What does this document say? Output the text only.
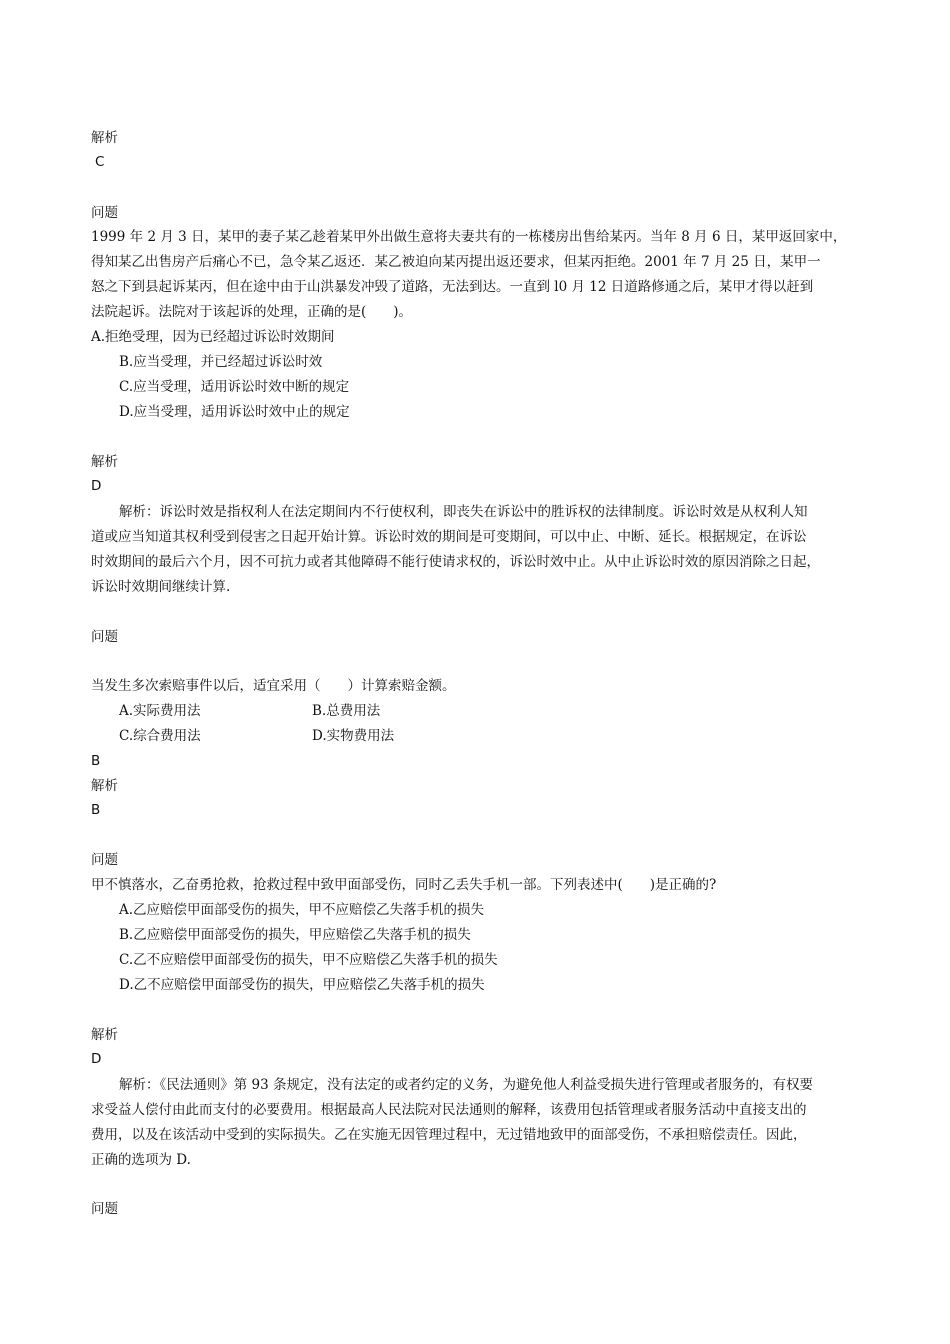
解析
C
问题
1999 年 2 月 3 日，某甲的妻子某乙趁着某甲外出做生意将夫妻共有的一栋楼房出售给某丙。当年 8 月 6 日，某甲返回家中，
得知某乙出售房产后痛心不已，急令某乙返还．某乙被迫向某丙提出返还要求，但某丙拒绝。2001 年 7 月 25 日，某甲一
怒之下到县起诉某丙，但在途中由于山洪暴发冲毁了道路，无法到达。一直到 l0 月 12 日道路修通之后，某甲才得以赶到
法院起诉。法院对于该起诉的处理，正确的是(　　)。
A.拒绝受理，因为已经超过诉讼时效期间
B.应当受理，并已经超过诉讼时效
C.应当受理，适用诉讼时效中断的规定
D.应当受理，适用诉讼时效中止的规定
解析
D
解析：诉讼时效是指权利人在法定期间内不行使权利，即丧失在诉讼中的胜诉权的法律制度。诉讼时效是从权利人知
道或应当知道其权利受到侵害之日起开始计算。诉讼时效的期间是可变期间，可以中止、中断、延长。根据规定，在诉讼
时效期间的最后六个月，因不可抗力或者其他障碍不能行使请求权的，诉讼时效中止。从中止诉讼时效的原因消除之日起，
诉讼时效期间继续计算.
问题
当发生多次索赔事件以后，适宜采用（　　）计算索赔金额。
A.实际费用法	B.总费用法
C.综合费用法	D.实物费用法
B
解析
B
问题
甲不慎落水，乙奋勇抢救，抢救过程中致甲面部受伤，同时乙丢失手机一部。下列表述中(　　)是正确的?
A.乙应赔偿甲面部受伤的损失，甲不应赔偿乙失落手机的损失
B.乙应赔偿甲面部受伤的损失，甲应赔偿乙失落手机的损失
C.乙不应赔偿甲面部受伤的损失，甲不应赔偿乙失落手机的损失
D.乙不应赔偿甲面部受伤的损失，甲应赔偿乙失落手机的损失
解析
D
解析：《民法通则》第 93 条规定，没有法定的或者约定的义务，为避免他人利益受损失进行管理或者服务的，有权要
求受益人偿付由此而支付的必要费用。根据最高人民法院对民法通则的解释，该费用包括管理或者服务活动中直接支出的
费用，以及在该活动中受到的实际损失。乙在实施无因管理过程中，无过错地致甲的面部受伤，不承担赔偿责任。因此，
正确的选项为 D.
问题
